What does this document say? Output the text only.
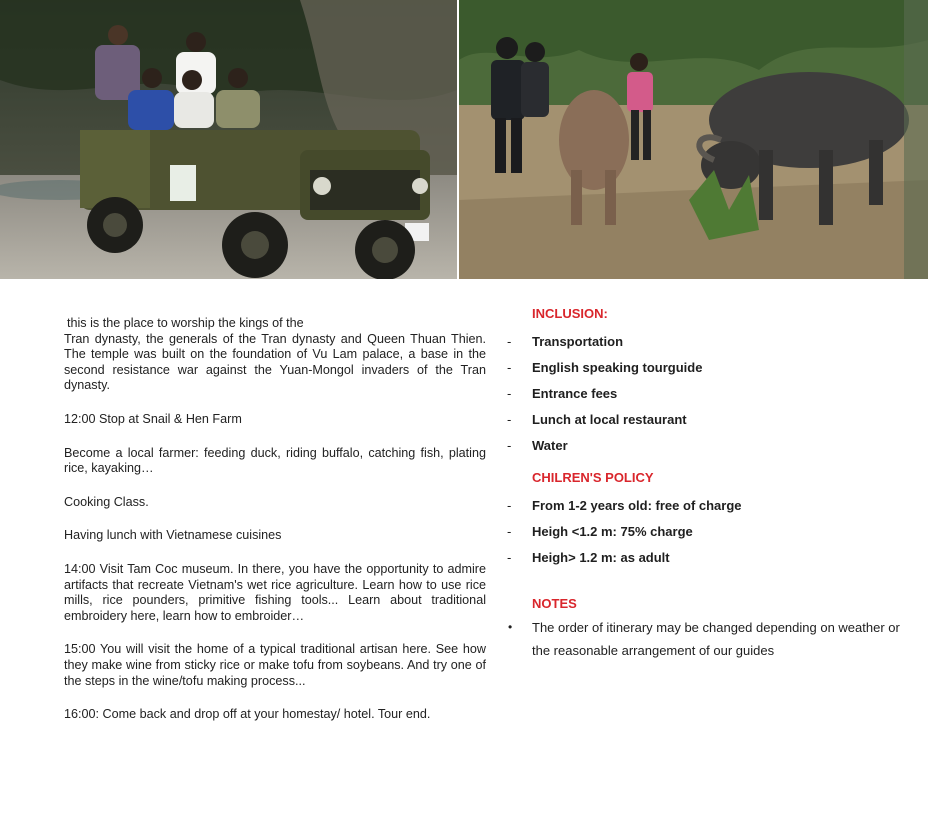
this is the place to worship the kings of the
Tran dynasty, the generals of the Tran dynasty and Queen Thuan Thien. The temple was built on the foundation of Vu Lam palace, a base in the second resistance war against the Yuan-Mongol invaders of the Tran dynasty.

12:00 Stop at Snail & Hen Farm

Become a local farmer: feeding duck, riding buffalo, catching fish, plating rice, kayaking…

Cooking Class.

Having lunch with Vietnamese cuisines

14:00 Visit Tam Coc museum. In there, you have the opportunity to admire artifacts that recreate Vietnam's wet rice agriculture. Learn how to use rice mills, rice pounders, primitive fishing tools... Learn about traditional embroidery here, learn how to embroider…

15:00 You will visit the home of a typical traditional artisan here. See how they make wine from sticky rice or make tofu from soybeans. And try one of the steps in the wine/tofu making process...

16:00: Come back and drop off at your homestay/ hotel. Tour end.

INCLUSION:
- Transportation
- English speaking tourguide
- Entrance fees
- Lunch at local restaurant
- Water
CHILREN'S POLICY
- From 1-2 years old: free of charge
- Heigh <1.2 m: 75% charge
- Heigh> 1.2 m: as adult
NOTES
• The order of itinerary may be changed depending on weather or the reasonable arrangement of our guides
